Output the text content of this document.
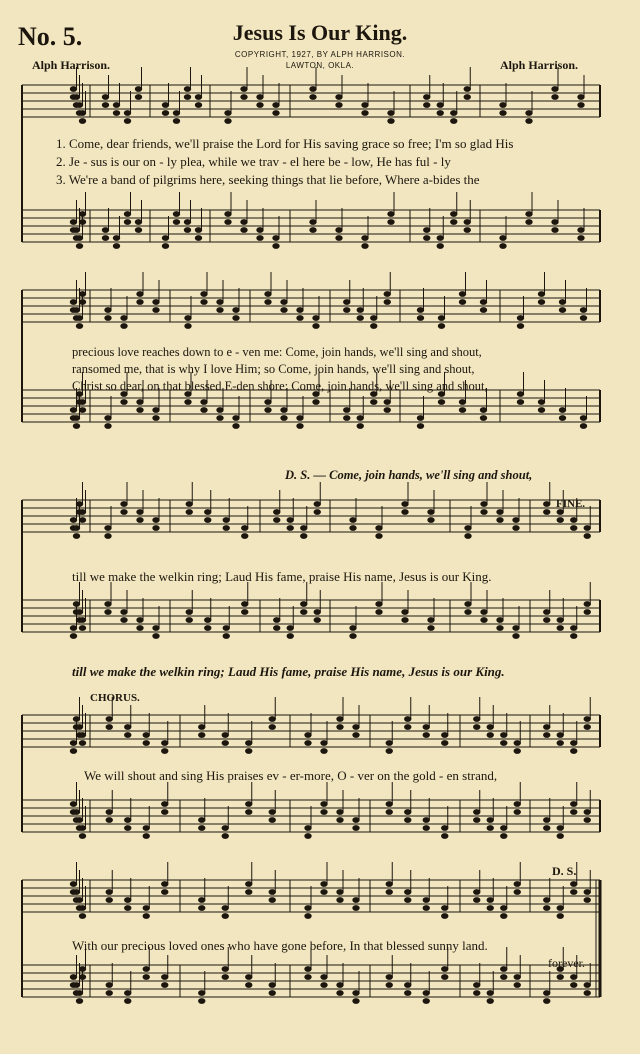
No. 5.	Jesus Is Our King.
COPYRIGHT, 1927, BY ALPH HARRISON.
LAWTON, OKLA.
Alph Harrison.	Alph Harrison.
1. Come, dear friends, we'll praise the Lord for His saving grace so free; I'm so glad His
2. Je - sus is our on - ly plea, while we trav - el here be - low, He has ful - ly
3. We're a band of pilgrims here, seeking things that lie before, Where a-bides the
precious love reaches down to e - ven me: Come, join hands, we'll sing and shout,
ransomed me, that is why I love Him; so Come, join hands, we'll sing and shout,
Christ so dear, on that blessed E-den shore: Come, join hands, we'll sing and shout,
D. S. — Come, join hands, we'll sing and shout,
FINE.
till we make the welkin ring; Laud His fame, praise His name, Jesus is our King.
till we make the welkin ring; Laud His fame, praise His name, Jesus is our King.
CHORUS.
We will shout and sing His praises ev - er-more, O - ver on the gold - en strand,
D. S.
With our precious loved ones who have gone before, In that blessed sunny land.
forever.
